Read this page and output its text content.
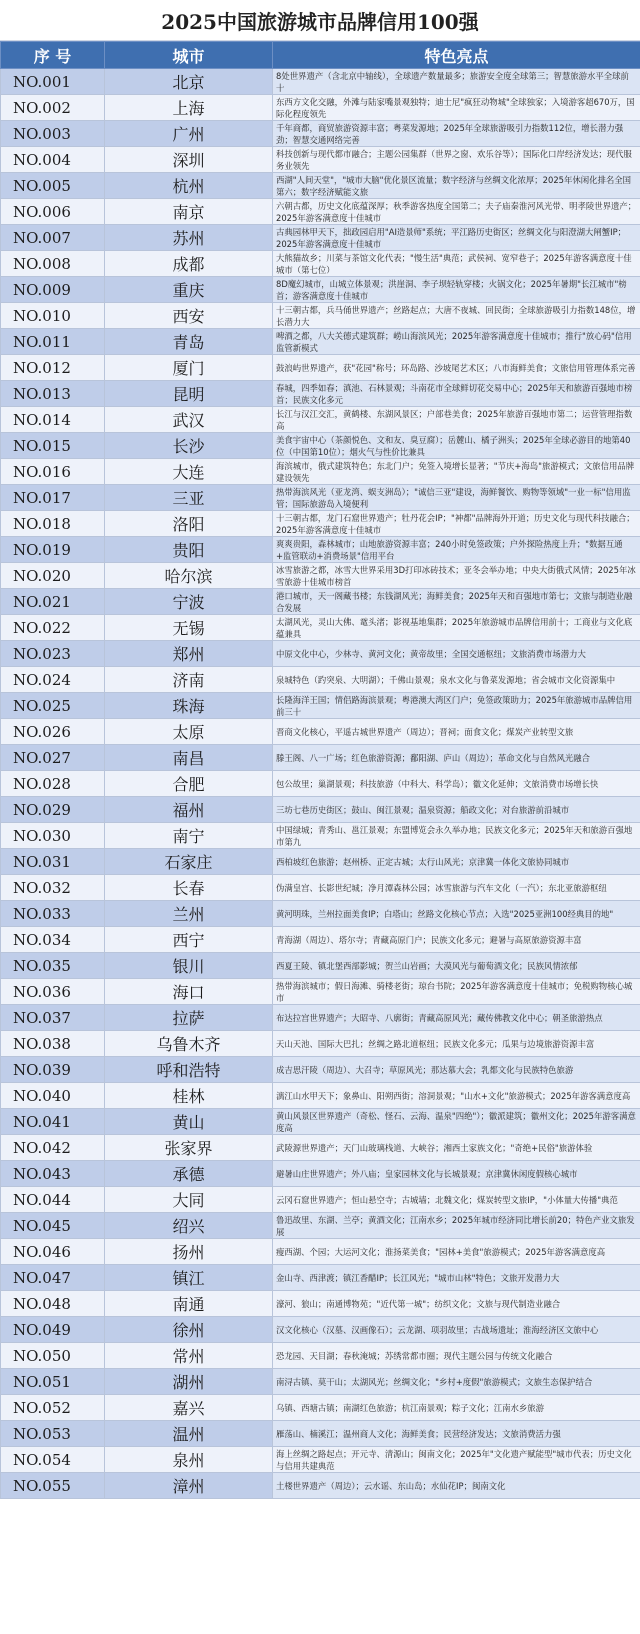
2025中国旅游城市品牌信用100强
序 号	城市	特色亮点
NO.001	北京	8处世界遗产（含北京中轴线），全球遗产数量最多；旅游安全度全球第三；智慧旅游水平全球前十

NO.002	上海	东西方文化交融，外滩与陆家嘴景观独特；迪士尼"疯狂动物城"全球独家；入境游客超670万，国际化程度领先

NO.003	广州	千年商都，商贸旅游资源丰富；粤菜发源地；2025年全球旅游吸引力指数112位，增长潜力强劲；智慧交通网络完善

NO.004	深圳	科技创新与现代都市融合；主题公园集群（世界之窗、欢乐谷等）；国际化口岸经济发达；现代服务业领先

NO.005	杭州	西湖"人间天堂"，"城市大脑"优化景区流量；数字经济与丝绸文化浓厚；2025年休闲化排名全国第六；数字经济赋能文旅

NO.006	南京	六朝古都，历史文化底蕴深厚；秋季游客热度全国第二；夫子庙秦淮河风光带、明孝陵世界遗产；2025年游客满意度十佳城市

NO.007	苏州	古典园林甲天下，拙政园启用"AI造景师"系统；平江路历史街区；丝绸文化与阳澄湖大闸蟹IP；2025年游客满意度十佳城市

NO.008	成都	大熊猫故乡；川菜与茶馆文化代表；"慢生活"典范；武侯祠、宽窄巷子；2025年游客满意度十佳城市（第七位）

NO.009	重庆	8D魔幻城市，山城立体景观；洪崖洞、李子坝轻轨穿楼；火锅文化；2025年暑期"长江城市"榜首；游客满意度十佳城市

NO.010	西安	十三朝古都，兵马俑世界遗产；丝路起点；大唐不夜城、回民街；全球旅游吸引力指数148位，增长潜力大

NO.011	青岛	啤酒之都，八大关德式建筑群；崂山海滨风光；2025年游客满意度十佳城市；推行"放心码"信用监管新模式

NO.012	厦门	鼓浪屿世界遗产，获"花园"称号；环岛路、沙坡尾艺术区；八市海鲜美食；文旅信用管理体系完善

NO.013	昆明	春城，四季如春；滇池、石林景观；斗南花市全球鲜切花交易中心；2025年天和旅游百强地市榜首；民族文化多元

NO.014	武汉	长江与汉江交汇，黄鹤楼、东湖风景区；户部巷美食；2025年旅游百强地市第二；运营管理指数高

NO.015	长沙	美食宇宙中心（茶颜悦色、文和友、臭豆腐）；岳麓山、橘子洲头；2025年全球必游目的地第40位（中国第10位）；烟火气与性价比兼具

NO.016	大连	海滨城市，俄式建筑特色；东北门户；免签入境增长显著；"节庆+海岛"旅游模式；文旅信用品牌建设领先

NO.017	三亚	热带海滨风光（亚龙湾、蜈支洲岛）；"诚信三亚"建设，海鲜餐饮、购物等领域"一业一标"信用监管；国际旅游岛入境便利

NO.018	洛阳	十三朝古都，龙门石窟世界遗产；牡丹花会IP；"神都"品牌海外开道；历史文化与现代科技融合；2025年游客满意度十佳城市

NO.019	贵阳	爽爽贵阳，森林城市；山地旅游资源丰富；240小时免签政策；户外探险热度上升；"数据互通+监管联动+消费场景"信用平台

NO.020	哈尔滨	冰雪旅游之都，冰雪大世界采用3D打印冰砖技术；亚冬会举办地；中央大街俄式风情；2025年冰雪旅游十佳城市榜首

NO.021	宁波	港口城市，天一阁藏书楼；东钱湖风光；海鲜美食；2025年天和百强地市第七；文旅与制造业融合发展

NO.022	无锡	太湖风光，灵山大佛、鼋头渚；影视基地集群；2025年旅游城市品牌信用前十；工商业与文化底蕴兼具

NO.023	郑州	中原文化中心，少林寺、黄河文化；黄帝故里；全国交通枢纽；文旅消费市场潜力大

NO.024	济南	泉城特色（趵突泉、大明湖）；千佛山景观；泉水文化与鲁菜发源地；省会城市文化资源集中

NO.025	珠海	长隆海洋王国；情侣路海滨景观；粤港澳大湾区门户；免签政策助力；2025年旅游城市品牌信用前三十

NO.026	太原	晋商文化核心，平遥古城世界遗产（周边）；晋祠；面食文化；煤炭产业转型文旅

NO.027	南昌	滕王阁、八一广场；红色旅游资源；鄱阳湖、庐山（周边）；革命文化与自然风光融合

NO.028	合肥	包公故里；巢湖景观；科技旅游（中科大、科学岛）；徽文化延伸；文旅消费市场增长快

NO.029	福州	三坊七巷历史街区；鼓山、闽江景观；温泉资源；船政文化；对台旅游前沿城市

NO.030	南宁	中国绿城；青秀山、邕江景观；东盟博览会永久举办地；民族文化多元；2025年天和旅游百强地市第九

NO.031	石家庄	西柏坡红色旅游；赵州桥、正定古城；太行山风光；京津冀一体化文旅协同城市

NO.032	长春	伪满皇宫、长影世纪城；净月潭森林公园；冰雪旅游与汽车文化（一汽）；东北亚旅游枢纽

NO.033	兰州	黄河明珠，兰州拉面美食IP；白塔山；丝路文化核心节点；入选"2025亚洲100经典目的地"

NO.034	西宁	青海湖（周边）、塔尔寺；青藏高原门户；民族文化多元；避暑与高原旅游资源丰富

NO.035	银川	西夏王陵、镇北堡西部影城；贺兰山岩画；大漠风光与葡萄酒文化；民族风情浓郁

NO.036	海口	热带海滨城市；假日海滩、骑楼老街；琼台书院；2025年游客满意度十佳城市；免税购物核心城市

NO.037	拉萨	布达拉宫世界遗产；大昭寺、八廓街；青藏高原风光；藏传佛教文化中心；朝圣旅游热点

NO.038	乌鲁木齐	天山天池、国际大巴扎；丝绸之路北道枢纽；民族文化多元；瓜果与边境旅游资源丰富

NO.039	呼和浩特	成吉思汗陵（周边）、大召寺；草原风光；那达慕大会；乳都文化与民族特色旅游

NO.040	桂林	漓江山水甲天下；象鼻山、阳朔西街；溶洞景观；"山水+文化"旅游模式；2025年游客满意度高

NO.041	黄山	黄山风景区世界遗产（奇松、怪石、云海、温泉"四绝"）；徽派建筑；徽州文化；2025年游客满意度高

NO.042	张家界	武陵源世界遗产；天门山玻璃栈道、大峡谷；湘西土家族文化；"奇绝+民俗"旅游体验

NO.043	承德	避暑山庄世界遗产；外八庙；皇家园林文化与长城景观；京津冀休闲度假核心城市

NO.044	大同	云冈石窟世界遗产；恒山悬空寺；古城墙；北魏文化；煤炭转型文旅IP，"小体量大传播"典范

NO.045	绍兴	鲁迅故里、东湖、兰亭；黄酒文化；江南水乡；2025年城市经济同比增长前20；特色产业文旅发展

NO.046	扬州	瘦西湖、个园；大运河文化；淮扬菜美食；"园林+美食"旅游模式；2025年游客满意度高

NO.047	镇江	金山寺、西津渡；镇江香醋IP；长江风光；"城市山林"特色；文旅开发潜力大

NO.048	南通	濠河、狼山；南通博物苑；"近代第一城"；纺织文化；文旅与现代制造业融合

NO.049	徐州	汉文化核心（汉墓、汉画像石）；云龙湖、项羽故里；古战场遗址；淮海经济区文旅中心

NO.050	常州	恐龙园、天目湖；春秋淹城；苏绣常都市圈；现代主题公园与传统文化融合

NO.051	湖州	南浔古镇、莫干山；太湖风光；丝绸文化；"乡村+度假"旅游模式；文旅生态保护结合

NO.052	嘉兴	乌镇、西塘古镇；南湖红色旅游；杭江南景观；粽子文化；江南水乡旅游

NO.053	温州	雁荡山、楠溪江；温州商人文化；海鲜美食；民营经济发达；文旅消费活力强

NO.054	泉州	海上丝绸之路起点；开元寺、清源山；闽南文化；2025年"文化遗产赋能型"城市代表；历史文化与信用共建典范

NO.055	漳州	土楼世界遗产（周边）；云水谣、东山岛；水仙花IP；闽南文化
